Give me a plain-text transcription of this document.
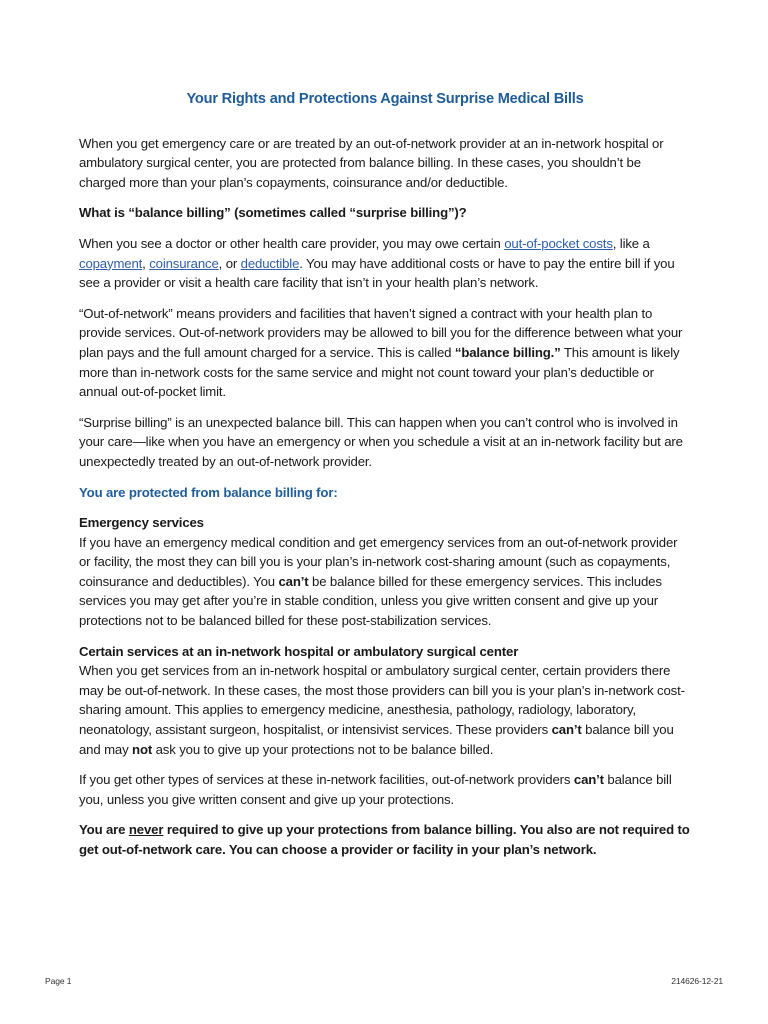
Your Rights and Protections Against Surprise Medical Bills

When you get emergency care or are treated by an out-of-network provider at an in-network hospital or ambulatory surgical center, you are protected from balance billing. In these cases, you shouldn’t be charged more than your plan’s copayments, coinsurance and/or deductible.

What is “balance billing” (sometimes called “surprise billing”)?

When you see a doctor or other health care provider, you may owe certain out-of-pocket costs, like a copayment, coinsurance, or deductible. You may have additional costs or have to pay the entire bill if you see a provider or visit a health care facility that isn’t in your health plan’s network.

“Out-of-network” means providers and facilities that haven’t signed a contract with your health plan to provide services. Out-of-network providers may be allowed to bill you for the difference between what your plan pays and the full amount charged for a service. This is called “balance billing.” This amount is likely more than in-network costs for the same service and might not count toward your plan’s deductible or annual out-of-pocket limit.

“Surprise billing” is an unexpected balance bill. This can happen when you can’t control who is involved in your care—like when you have an emergency or when you schedule a visit at an in-network facility but are unexpectedly treated by an out-of-network provider.

You are protected from balance billing for:

Emergency services

If you have an emergency medical condition and get emergency services from an out-of-network provider or facility, the most they can bill you is your plan’s in-network cost-sharing amount (such as copayments, coinsurance and deductibles). You can’t be balance billed for these emergency services. This includes services you may get after you’re in stable condition, unless you give written consent and give up your protections not to be balanced billed for these post-stabilization services.

Certain services at an in-network hospital or ambulatory surgical center

When you get services from an in-network hospital or ambulatory surgical center, certain providers there may be out-of-network. In these cases, the most those providers can bill you is your plan’s in-network cost-sharing amount. This applies to emergency medicine, anesthesia, pathology, radiology, laboratory, neonatology, assistant surgeon, hospitalist, or intensivist services. These providers can’t balance bill you and may not ask you to give up your protections not to be balance billed.

If you get other types of services at these in-network facilities, out-of-network providers can’t balance bill you, unless you give written consent and give up your protections.

You are never required to give up your protections from balance billing. You also are not required to get out-of-network care. You can choose a provider or facility in your plan’s network.

Page 1	214626-12-21
